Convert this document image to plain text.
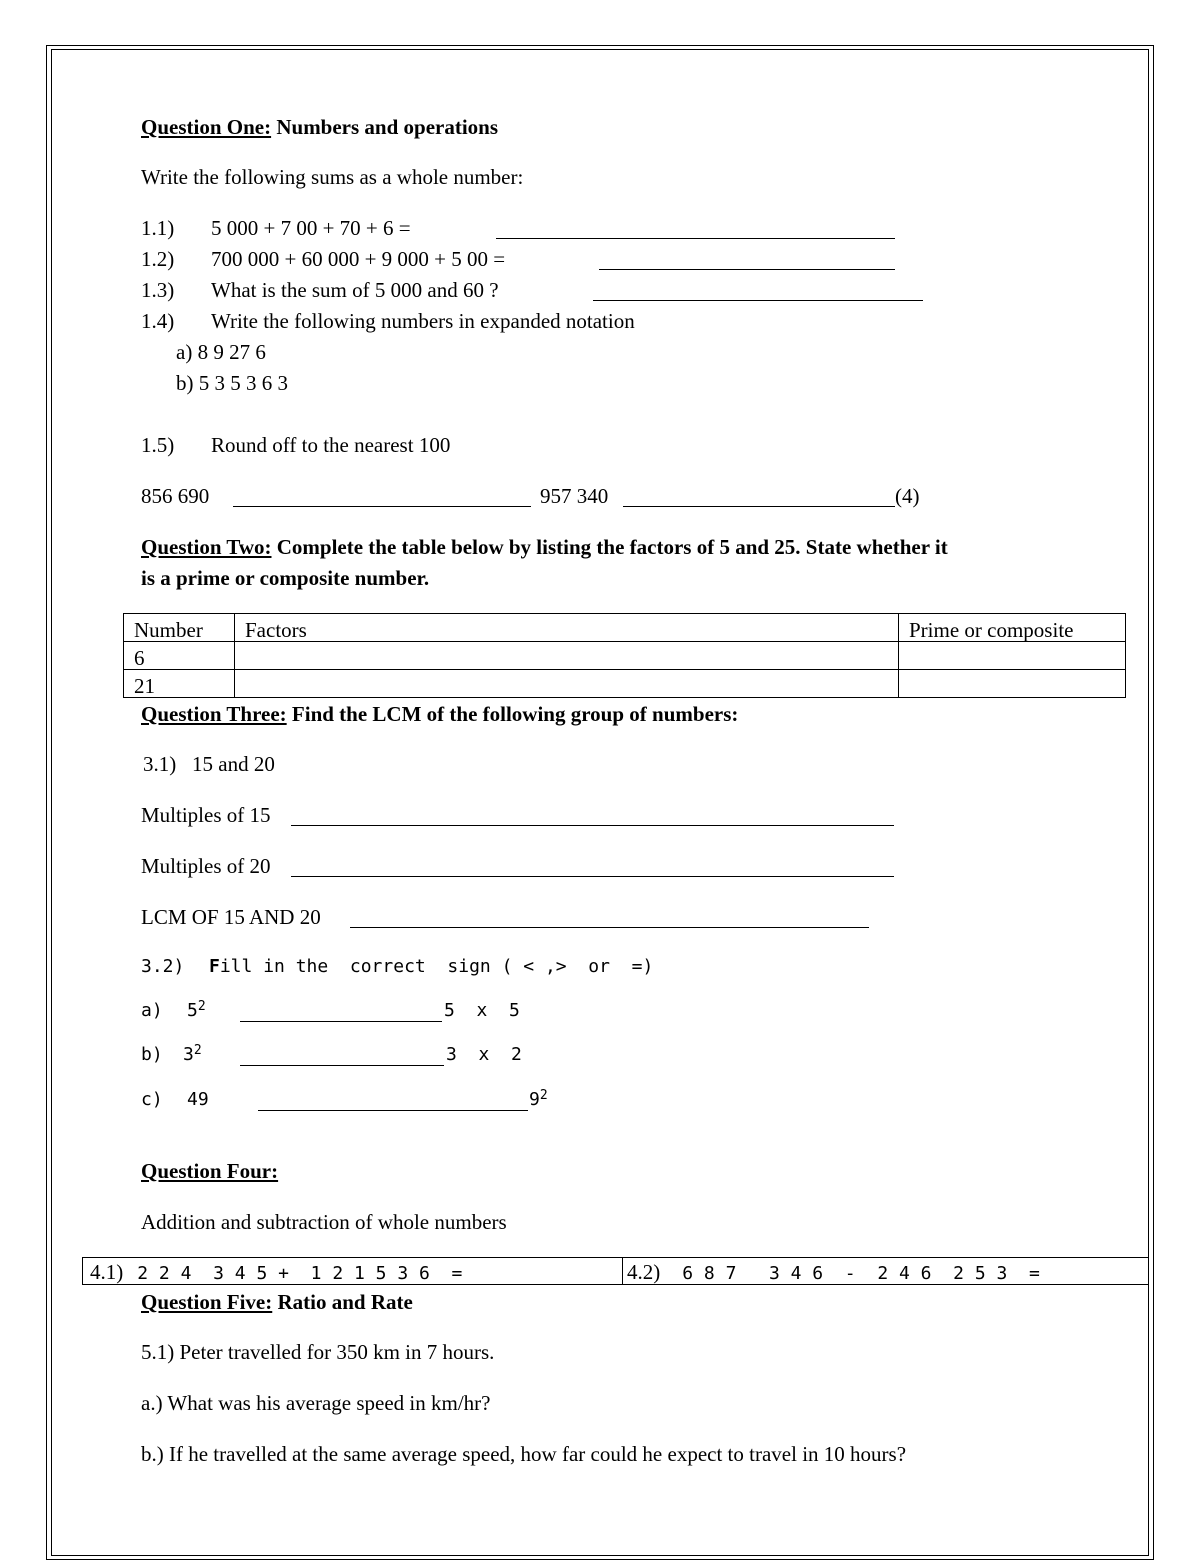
Question One: Numbers and operations
Write the following sums as a whole number:
1.1) 5 000 + 7 00 + 70 + 6 =
1.2) 700 000 + 60 000 + 9 000 + 5 00 =
1.3) What is the sum of 5 000 and 60 ?
1.4) Write the following numbers in expanded notation
a) 8 9 27 6
b) 5 3 5 3 6 3
1.5) Round off to the nearest 100
856 690	957 340	(4)
Question Two: Complete the table below by listing the factors of 5 and 25. State whether it
is a prime or composite number.
Number	Factors	Prime or composite
6		
21		
Question Three: Find the LCM of the following group of numbers:
3.1)   15 and 20
Multiples of 15
Multiples of 20
LCM OF 15 AND 20
3.2) Fill in the  correct  sign ( < ,>  or  =)
a) $5^2$	5  x  5
b) $3^2$	3  x  2
c) 49	$9^2$
Question Four:
Addition and subtraction of whole numbers
4.1) 2 2 4  3 4 5 +  1 2 1 5 3 6  =	4.2) 6 8 7   3 4 6  -  2 4 6  2 5 3  =
Question Five: Ratio and Rate
5.1) Peter travelled for 350 km in 7 hours.
a.) What was his average speed in km/hr?
b.) If he travelled at the same average speed, how far could he expect to travel in 10 hours?
